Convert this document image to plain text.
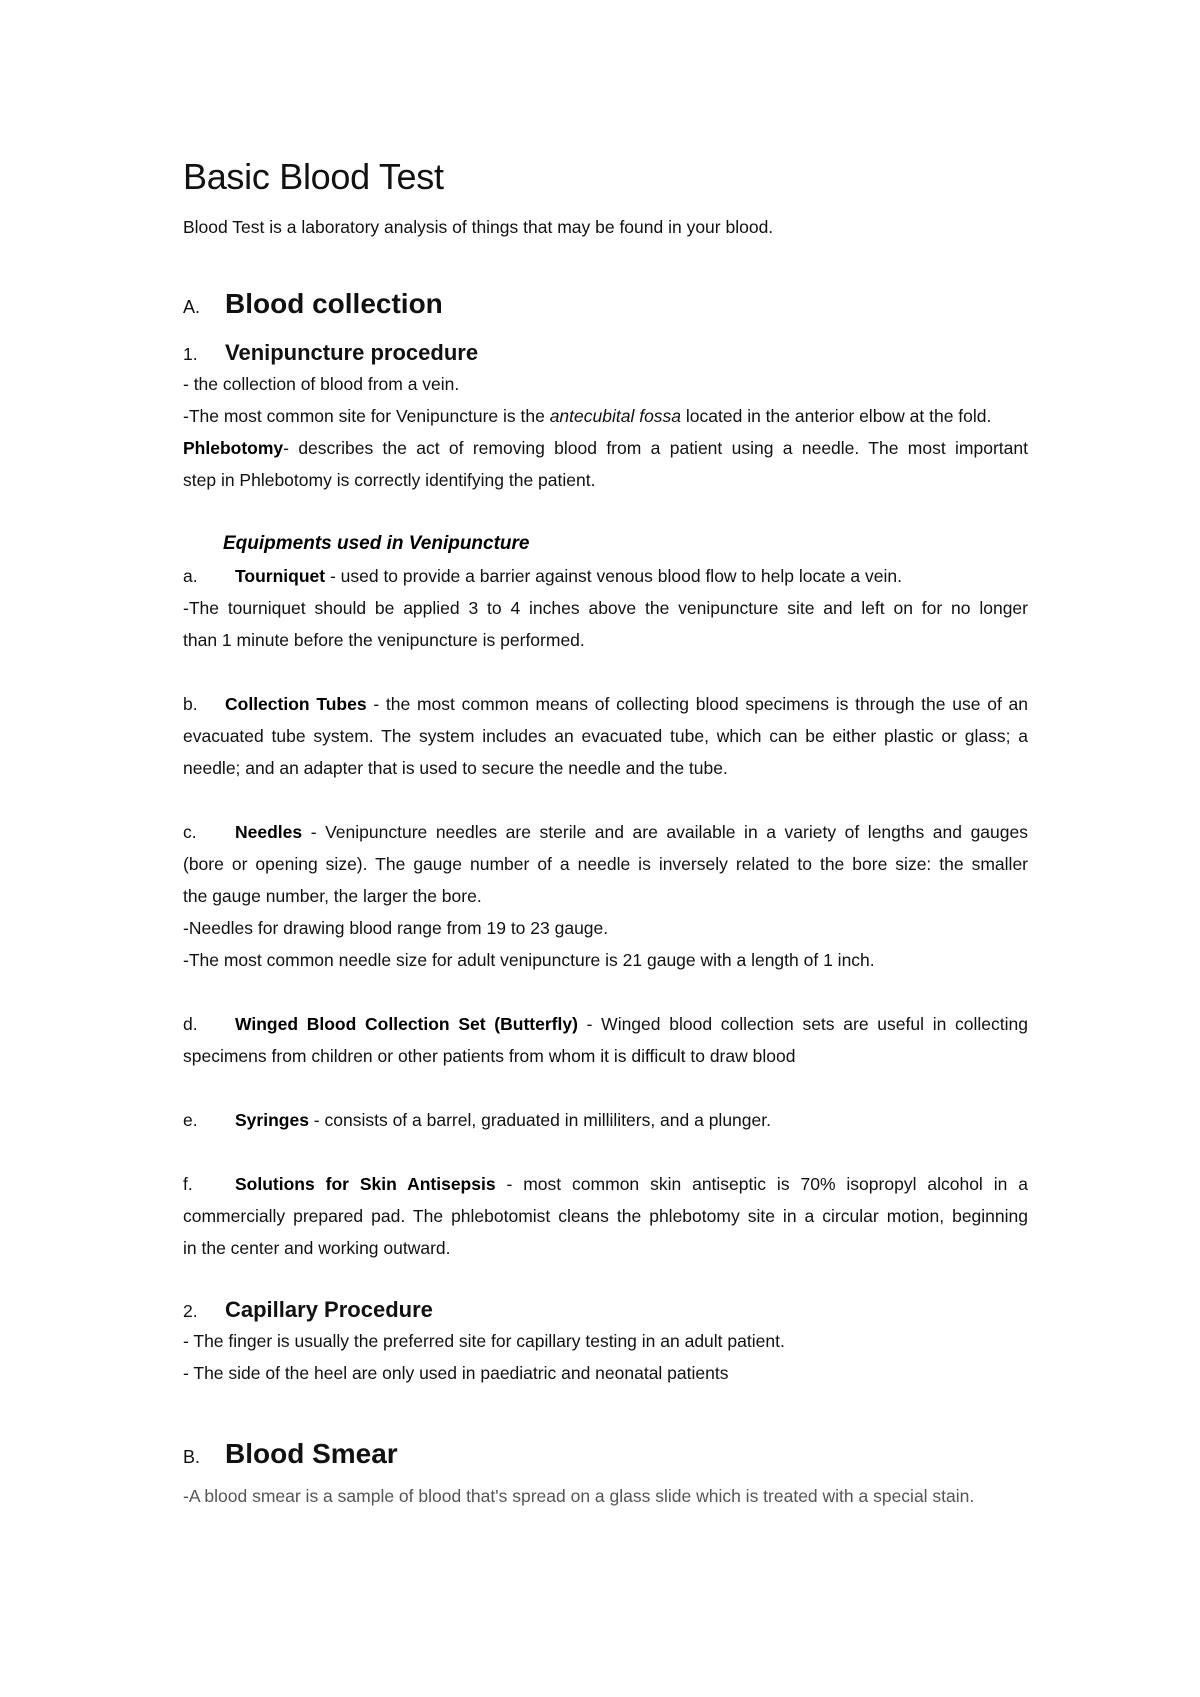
Basic Blood Test

Blood Test is a laboratory analysis of things that may be found in your blood.

A. Blood collection
1. Venipuncture procedure

- the collection of blood from a vein.

-The most common site for Venipuncture is the antecubital fossa located in the anterior elbow at the fold.

Phlebotomy- describes the act of removing blood from a patient using a needle. The most important

step in Phlebotomy is correctly identifying the patient.

Equipments used in Venipuncture

a. Tourniquet - used to provide a barrier against venous blood flow to help locate a vein.

-The tourniquet should be applied 3 to 4 inches above the venipuncture site and left on for no longer

than 1 minute before the venipuncture is performed.

b. Collection Tubes - the most common means of collecting blood specimens is through the use of an

evacuated tube system. The system includes an evacuated tube, which can be either plastic or glass; a

needle; and an adapter that is used to secure the needle and the tube.

c. Needles - Venipuncture needles are sterile and are available in a variety of lengths and gauges

(bore or opening size). The gauge number of a needle is inversely related to the bore size: the smaller

the gauge number, the larger the bore.

-Needles for drawing blood range from 19 to 23 gauge.

-The most common needle size for adult venipuncture is 21 gauge with a length of 1 inch.

d. Winged Blood Collection Set (Butterfly) - Winged blood collection sets are useful in collecting

specimens from children or other patients from whom it is difficult to draw blood

e. Syringes - consists of a barrel, graduated in milliliters, and a plunger.

f. Solutions for Skin Antisepsis - most common skin antiseptic is 70% isopropyl alcohol in a

commercially prepared pad. The phlebotomist cleans the phlebotomy site in a circular motion, beginning

in the center and working outward.

2. Capillary Procedure

- The finger is usually the preferred site for capillary testing in an adult patient.

- The side of the heel are only used in paediatric and neonatal patients

B. Blood Smear

-A blood smear is a sample of blood that's spread on a glass slide which is treated with a special stain.
